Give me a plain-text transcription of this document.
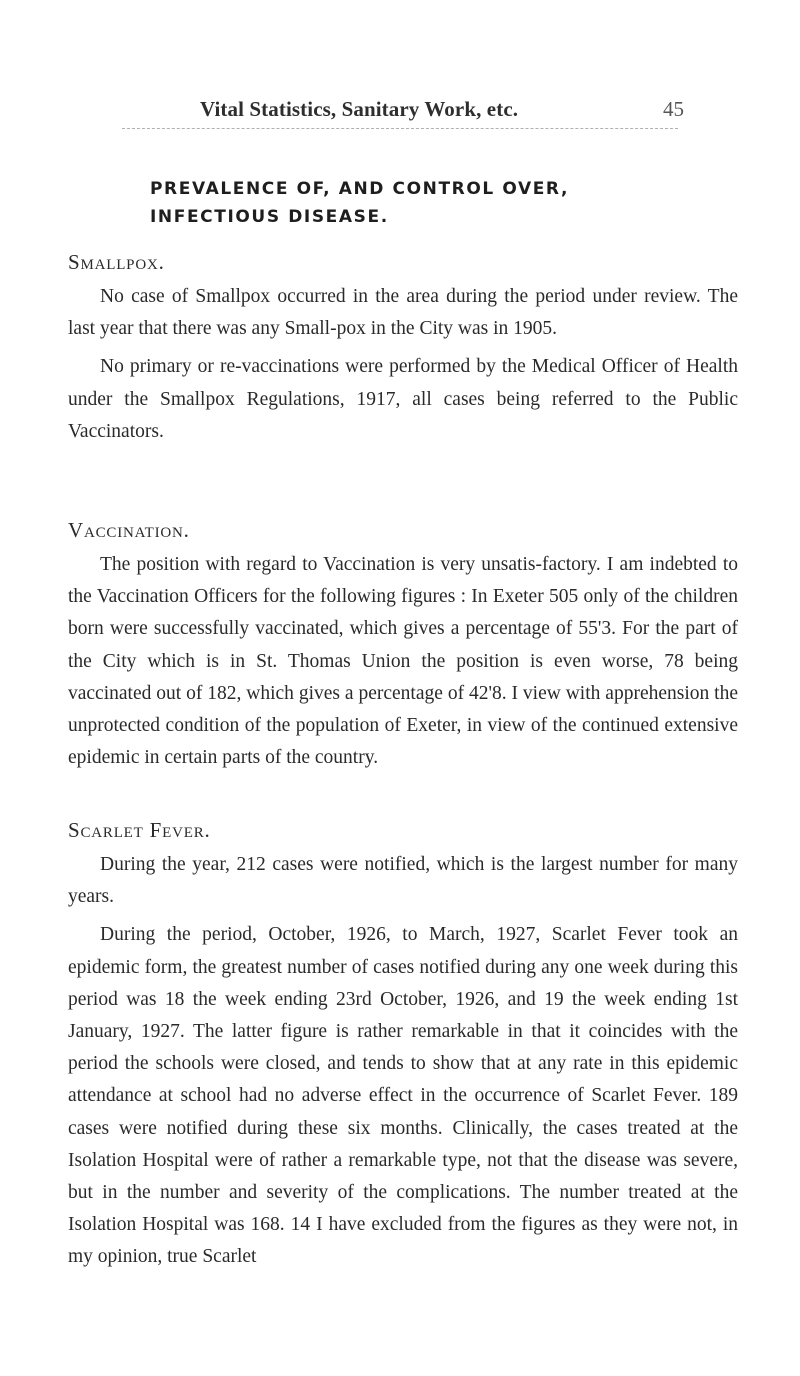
Vital Statistics, Sanitary Work, etc.	45
PREVALENCE OF, AND CONTROL OVER,
INFECTIOUS DISEASE.
Smallpox.

No case of Smallpox occurred in the area during the period under review. The last year that there was any Small-pox in the City was in 1905.

No primary or re-vaccinations were performed by the Medical Officer of Health under the Smallpox Regulations, 1917, all cases being referred to the Public Vaccinators.

Vaccination.

The position with regard to Vaccination is very unsatis-factory. I am indebted to the Vaccination Officers for the following figures : In Exeter 505 only of the children born were successfully vaccinated, which gives a percentage of 55'3. For the part of the City which is in St. Thomas Union the position is even worse, 78 being vaccinated out of 182, which gives a percentage of 42'8. I view with apprehension the unprotected condition of the population of Exeter, in view of the continued extensive epidemic in certain parts of the country.

Scarlet Fever.

During the year, 212 cases were notified, which is the largest number for many years.

During the period, October, 1926, to March, 1927, Scarlet Fever took an epidemic form, the greatest number of cases notified during any one week during this period was 18 the week ending 23rd October, 1926, and 19 the week ending 1st January, 1927. The latter figure is rather remarkable in that it coincides with the period the schools were closed, and tends to show that at any rate in this epidemic attendance at school had no adverse effect in the occurrence of Scarlet Fever. 189 cases were notified during these six months. Clinically, the cases treated at the Isolation Hospital were of rather a remarkable type, not that the disease was severe, but in the number and severity of the complications. The number treated at the Isolation Hospital was 168. 14 I have excluded from the figures as they were not, in my opinion, true Scarlet
